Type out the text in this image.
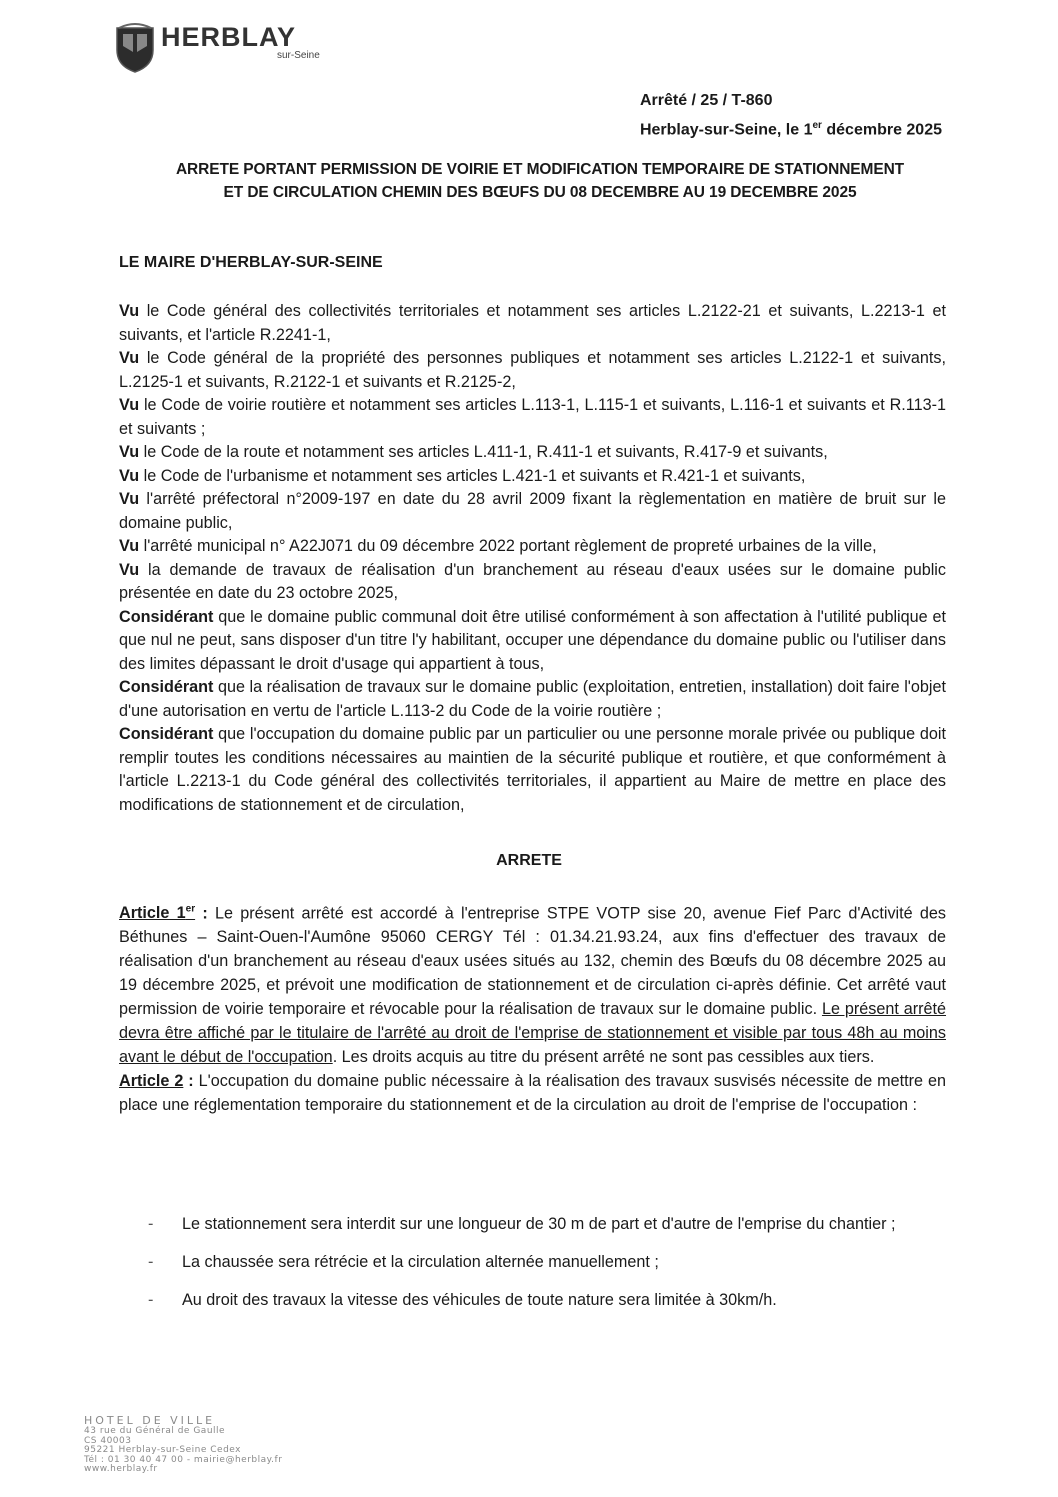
HERBLAY
sur-Seine
Arrêté / 25 / T-860
Herblay-sur-Seine, le 1er décembre 2025
ARRETE PORTANT PERMISSION DE VOIRIE ET MODIFICATION TEMPORAIRE DE STATIONNEMENT
ET DE CIRCULATION CHEMIN DES BŒUFS DU 08 DECEMBRE AU 19 DECEMBRE 2025
LE MAIRE D'HERBLAY-SUR-SEINE

Vu le Code général des collectivités territoriales et notamment ses articles L.2122-21 et suivants, L.2213-1 et suivants, et l'article R.2241-1,

Vu le Code général de la propriété des personnes publiques et notamment ses articles L.2122-1 et suivants, L.2125-1 et suivants, R.2122-1 et suivants et R.2125-2,

Vu le Code de voirie routière et notamment ses articles L.113-1, L.115-1 et suivants, L.116-1 et suivants et R.113-1 et suivants ;

Vu le Code de la route et notamment ses articles L.411-1, R.411-1 et suivants, R.417-9 et suivants,

Vu le Code de l'urbanisme et notamment ses articles L.421-1 et suivants et R.421-1 et suivants,

Vu l'arrêté préfectoral n°2009-197 en date du 28 avril 2009 fixant la règlementation en matière de bruit sur le domaine public,

Vu l'arrêté municipal n° A22J071 du 09 décembre 2022 portant règlement de propreté urbaines de la ville,

Vu la demande de travaux de réalisation d'un branchement au réseau d'eaux usées sur le domaine public présentée en date du 23 octobre 2025,

Considérant que le domaine public communal doit être utilisé conformément à son affectation à l'utilité publique et que nul ne peut, sans disposer d'un titre l'y habilitant, occuper une dépendance du domaine public ou l'utiliser dans des limites dépassant le droit d'usage qui appartient à tous,

Considérant que la réalisation de travaux sur le domaine public (exploitation, entretien, installation) doit faire l'objet d'une autorisation en vertu de l'article L.113-2 du Code de la voirie routière ;

Considérant que l'occupation du domaine public par un particulier ou une personne morale privée ou publique doit remplir toutes les conditions nécessaires au maintien de la sécurité publique et routière, et que conformément à l'article L.2213-1 du Code général des collectivités territoriales, il appartient au Maire de mettre en place des modifications de stationnement et de circulation,

ARRETE

Article 1er : Le présent arrêté est accordé à l'entreprise STPE VOTP sise 20, avenue Fief Parc d'Activité des Béthunes – Saint-Ouen-l'Aumône 95060 CERGY Tél : 01.34.21.93.24, aux fins d'effectuer des travaux de réalisation d'un branchement au réseau d'eaux usées situés au 132, chemin des Bœufs du 08 décembre 2025 au 19 décembre 2025, et prévoit une modification de stationnement et de circulation ci-après définie. Cet arrêté vaut permission de voirie temporaire et révocable pour la réalisation de travaux sur le domaine public. Le présent arrêté devra être affiché par le titulaire de l'arrêté au droit de l'emprise de stationnement et visible par tous 48h au moins avant le début de l'occupation. Les droits acquis au titre du présent arrêté ne sont pas cessibles aux tiers.

Article 2 : L'occupation du domaine public nécessaire à la réalisation des travaux susvisés nécessite de mettre en place une réglementation temporaire du stationnement et de la circulation au droit de l'emprise de l'occupation :

-	Le stationnement sera interdit sur une longueur de 30 m de part et d'autre de l'emprise du chantier ;
-	La chaussée sera rétrécie et la circulation alternée manuellement ;
-	Au droit des travaux la vitesse des véhicules de toute nature sera limitée à 30km/h.
HOTEL DE VILLE
43 rue du Général de Gaulle
CS 40003
95221 Herblay-sur-Seine Cedex
Tél : 01 30 40 47 00 - mairie@herblay.fr
www.herblay.fr
